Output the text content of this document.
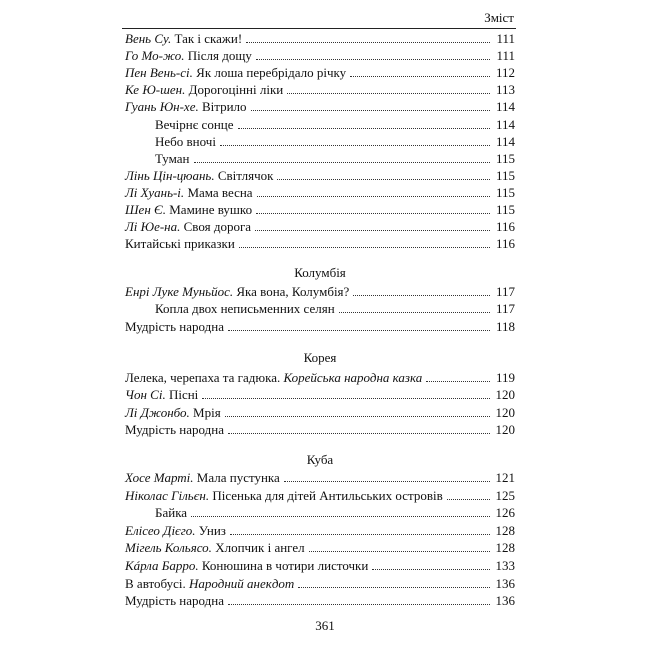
Зміст
Вень Су. Так і скажи!	111
Го Мо-жо. Після дощу	111
Пен Вень-сі. Як лоша перебрідало річку	112
Ке Ю-шен. Дорогоцінні ліки	113
Гуань Юн-хе. Вітрило	114
Вечірнє сонце	114
Небо вночі	114
Туман	115
Лінь Цін-цюань. Світлячок	115
Лі Хуань-і. Мама весна	115
Шен Є. Мамине вушко	115
Лі Юе-на. Своя дорога	116
Китайські приказки	116
Колумбія
Енрі Луке Муньйос. Яка вона, Колумбія?	117
Копла двох неписьменних селян	117
Мудрість народна	118
Корея
Лелека, черепаха та гадюка. Корейська народна казка	119
Чон Сі. Пісні	120
Лі Джонбо. Мрія	120
Мудрість народна	120
Куба
Хосе Марті. Мала пустунка	121
Ніколас Гільєн. Пісенька для дітей Антильських островів	125
Байка	126
Елісео Дієго. Униз	128
Мігель Кольясо. Хлопчик і ангел	128
Кáрла Барро. Конюшина в чотири листочки	133
В автобусі. Народний анекдот	136
Мудрість народна	136
361
